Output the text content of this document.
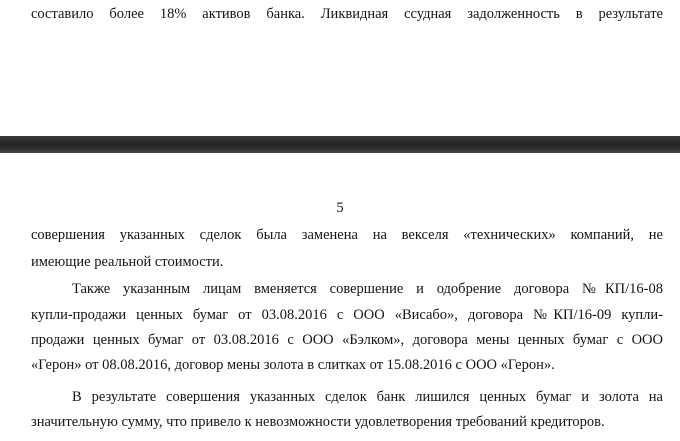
составило более 18% активов банка. Ликвидная ссудная задолженность в результате
5
совершения указанных сделок была заменена на векселя «технических» компаний, не
имеющие реальной стоимости.
Также указанным лицам вменяется совершение и одобрение договора №КП/16-08
купли-продажи ценных бумаг от 03.08.2016 с ООО «Висабо», договора №КП/16-09 купли-
продажи ценных бумаг от 03.08.2016 с ООО «Бэлком», договора мены ценных бумаг с ООО
«Герон» от 08.08.2016, договор мены золота в слитках от 15.08.2016 с ООО «Герон».
В результате совершения указанных сделок банк лишился ценных бумаг и золота на
значительную сумму, что привело к невозможности удовлетворения требований кредиторов.
